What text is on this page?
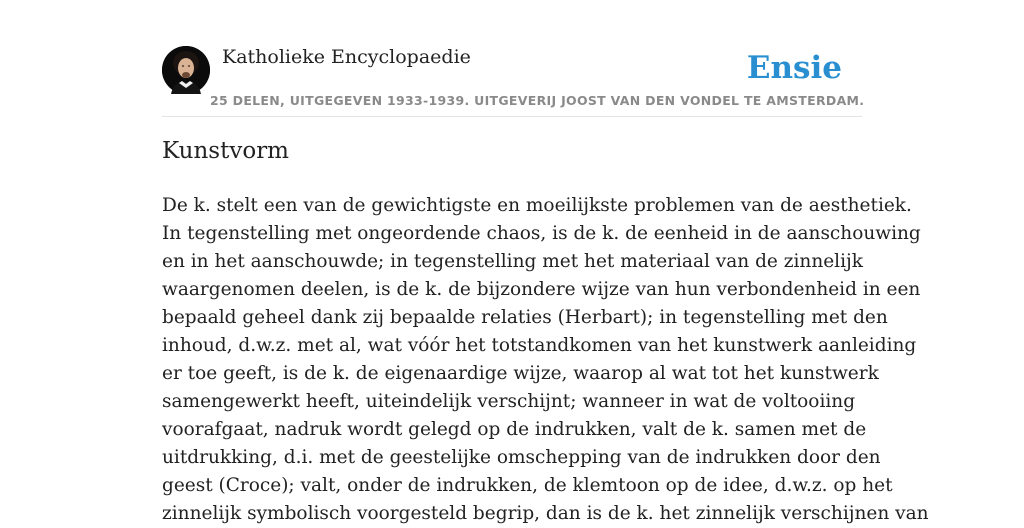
Katholieke Encyclopaedie
25 DELEN, UITGEGEVEN 1933-1939. UITGEVERIJ JOOST VAN DEN VONDEL TE AMSTERDAM.
Ensie
Kunstvorm
De k. stelt een van de gewichtigste en moeilijkste problemen van de aesthetiek.
In tegenstelling met ongeordende chaos, is de k. de eenheid in de aanschouwing
en in het aanschouwde; in tegenstelling met het materiaal van de zinnelijk
waargenomen deelen, is de k. de bijzondere wijze van hun verbondenheid in een
bepaald geheel dank zij bepaalde relaties (Herbart); in tegenstelling met den
inhoud, d.w.z. met al, wat vóór het totstandkomen van het kunstwerk aanleiding
er toe geeft, is de k. de eigenaardige wijze, waarop al wat tot het kunstwerk
samengewerkt heeft, uiteindelijk verschijnt; wanneer in wat de voltooiing
voorafgaat, nadruk wordt gelegd op de indrukken, valt de k. samen met de
uitdrukking, d.i. met de geestelijke omschepping van de indrukken door den
geest (Croce); valt, onder de indrukken, de klemtoon op de idee, d.w.z. op het
zinnelijk symbolisch voorgesteld begrip, dan is de k. het zinnelijk verschijnen van
